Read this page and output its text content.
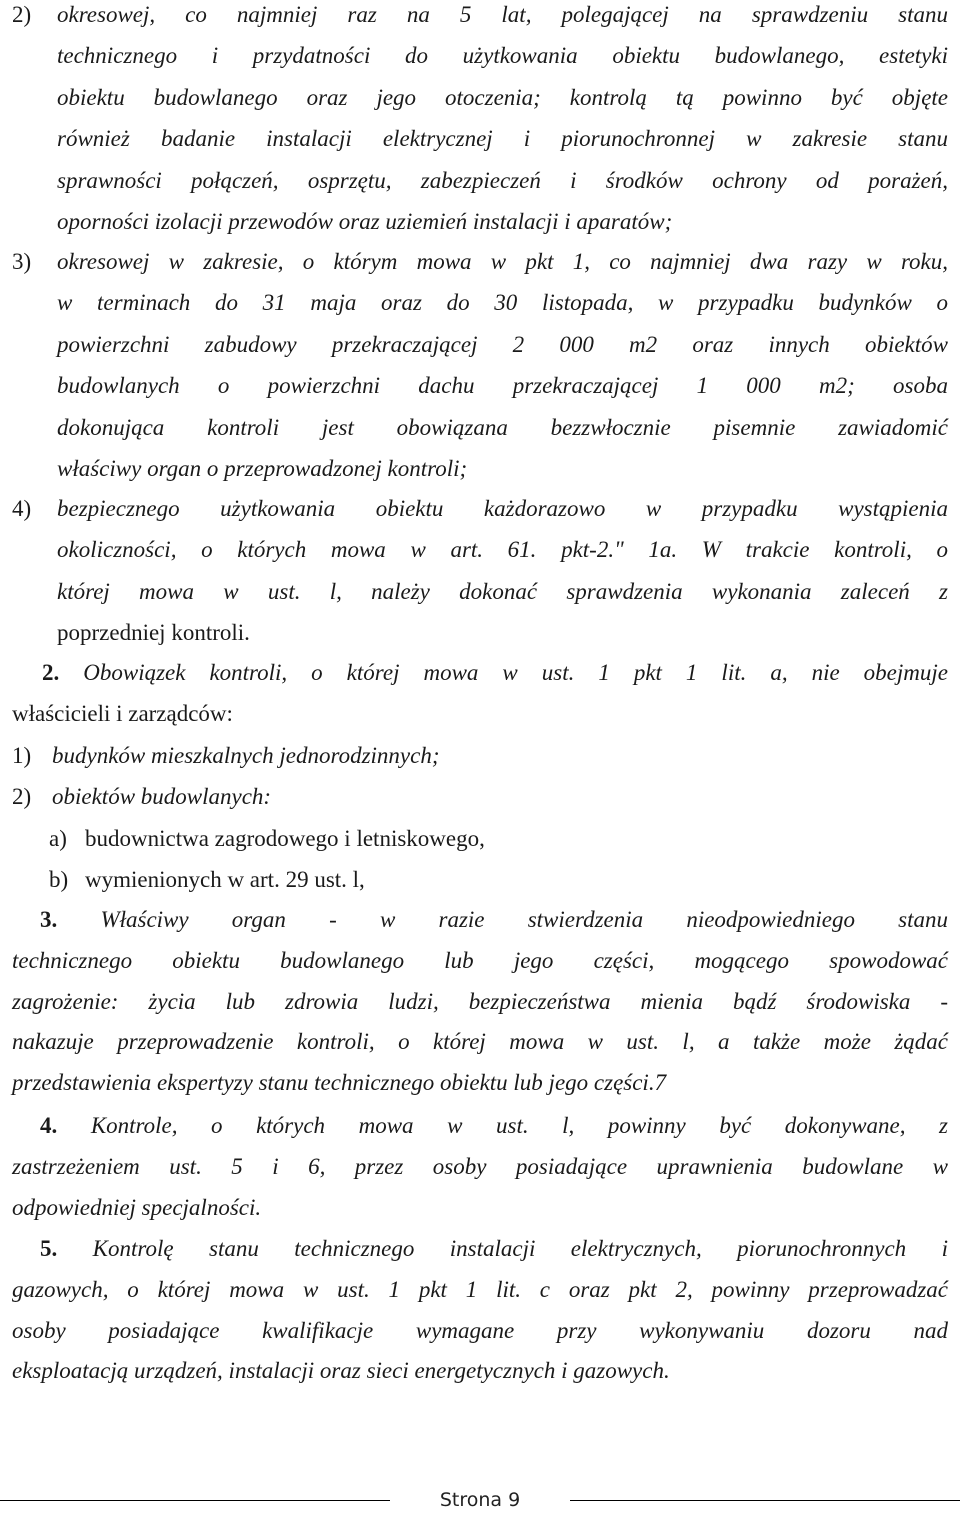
2) okresowej, co najmniej raz na 5 lat, polegającej na sprawdzeniu stanu
technicznego i przydatności do użytkowania obiektu budowlanego, estetyki
obiektu budowlanego oraz jego otoczenia; kontrolą tą powinno być objęte
również badanie instalacji elektrycznej i piorunochronnej w zakresie stanu
sprawności połączeń, osprzętu, zabezpieczeń i środków ochrony od porażeń,
oporności izolacji przewodów oraz uziemień instalacji i aparatów;
3) okresowej w zakresie, o którym mowa w pkt 1, co najmniej dwa razy w roku,
w terminach do 31 maja oraz do 30 listopada, w przypadku budynków o
powierzchni zabudowy przekraczającej 2 000 m2 oraz innych obiektów
budowlanych o powierzchni dachu przekraczającej 1 000 m2; osoba
dokonująca kontroli jest obowiązana bezzwłocznie pisemnie zawiadomić
właściwy organ o przeprowadzonej kontroli;
4) bezpiecznego użytkowania obiektu każdorazowo w przypadku wystąpienia
okoliczności, o których mowa w art. 61. pkt-2." 1a. W trakcie kontroli, o
której mowa w ust. l, należy dokonać sprawdzenia wykonania zaleceń z
poprzedniej kontroli.
2. Obowiązek kontroli, o której mowa w ust. 1 pkt 1 lit. a, nie obejmuje
właścicieli i zarządców:
1) budynków mieszkalnych jednorodzinnych;
2) obiektów budowlanych:
a) budownictwa zagrodowego i letniskowego,
b) wymienionych w art. 29 ust. l,
3. Właściwy organ - w razie stwierdzenia nieodpowiedniego stanu
technicznego obiektu budowlanego lub jego części, mogącego spowodować
zagrożenie: życia lub zdrowia ludzi, bezpieczeństwa mienia bądź środowiska -
nakazuje przeprowadzenie kontroli, o której mowa w ust. l, a także może żądać
przedstawienia ekspertyzy stanu technicznego obiektu lub jego części.7
4. Kontrole, o których mowa w ust. l, powinny być dokonywane, z
zastrzeżeniem ust. 5 i 6, przez osoby posiadające uprawnienia budowlane w
odpowiedniej specjalności.
5. Kontrolę stanu technicznego instalacji elektrycznych, piorunochronnych i
gazowych, o której mowa w ust. 1 pkt 1 lit. c oraz pkt 2, powinny przeprowadzać
osoby posiadające kwalifikacje wymagane przy wykonywaniu dozoru nad
eksploatacją urządzeń, instalacji oraz sieci energetycznych i gazowych.
Strona 9
